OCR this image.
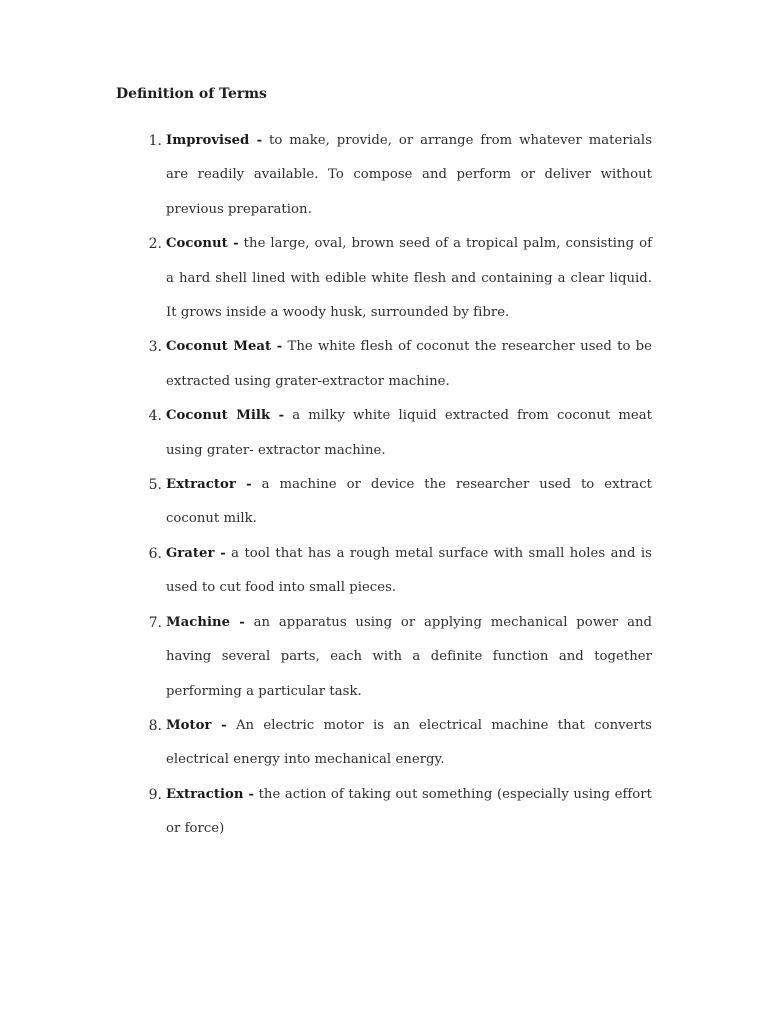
Definition of Terms
1. Improvised - to make, provide, or arrange from whatever materials are readily available. To compose and perform or deliver without previous preparation.
2. Coconut - the large, oval, brown seed of a tropical palm, consisting of a hard shell lined with edible white flesh and containing a clear liquid. It grows inside a woody husk, surrounded by fibre.
3. Coconut Meat - The white flesh of coconut the researcher used to be extracted using grater-extractor machine.
4. Coconut Milk - a milky white liquid extracted from coconut meat using grater- extractor machine.
5. Extractor - a machine or device the researcher used to extract coconut milk.
6. Grater - a tool that has a rough metal surface with small holes and is used to cut food into small pieces.
7. Machine - an apparatus using or applying mechanical power and having several parts, each with a definite function and together performing a particular task.
8. Motor - An electric motor is an electrical machine that converts electrical energy into mechanical energy.
9. Extraction - the action of taking out something (especially using effort or force)
